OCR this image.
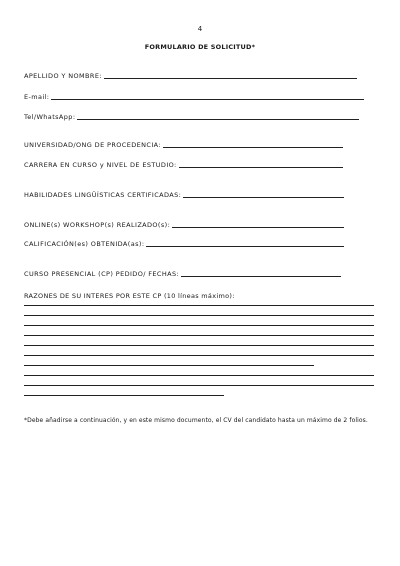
4
FORMULARIO DE SOLICITUD*
APELLIDO Y NOMBRE:
E-mail:
Tel/WhatsApp:
UNIVERSIDAD/ONG DE PROCEDENCIA:
CARRERA EN CURSO y NIVEL DE ESTUDIO:
HABILIDADES LINGÜÍSTICAS CERTIFICADAS:
ONLINE(s) WORKSHOP(s) REALIZADO(s):
CALIFICACIÓN(es) OBTENIDA(as):
CURSO PRESENCIAL (CP) PEDIDO/ FECHAS:
RAZONES DE SU INTERES POR ESTE CP (10 líneas máximo):
*Debe añadirse a continuación, y en este mismo documento, el CV del candidato hasta un máximo de 2 folios.
